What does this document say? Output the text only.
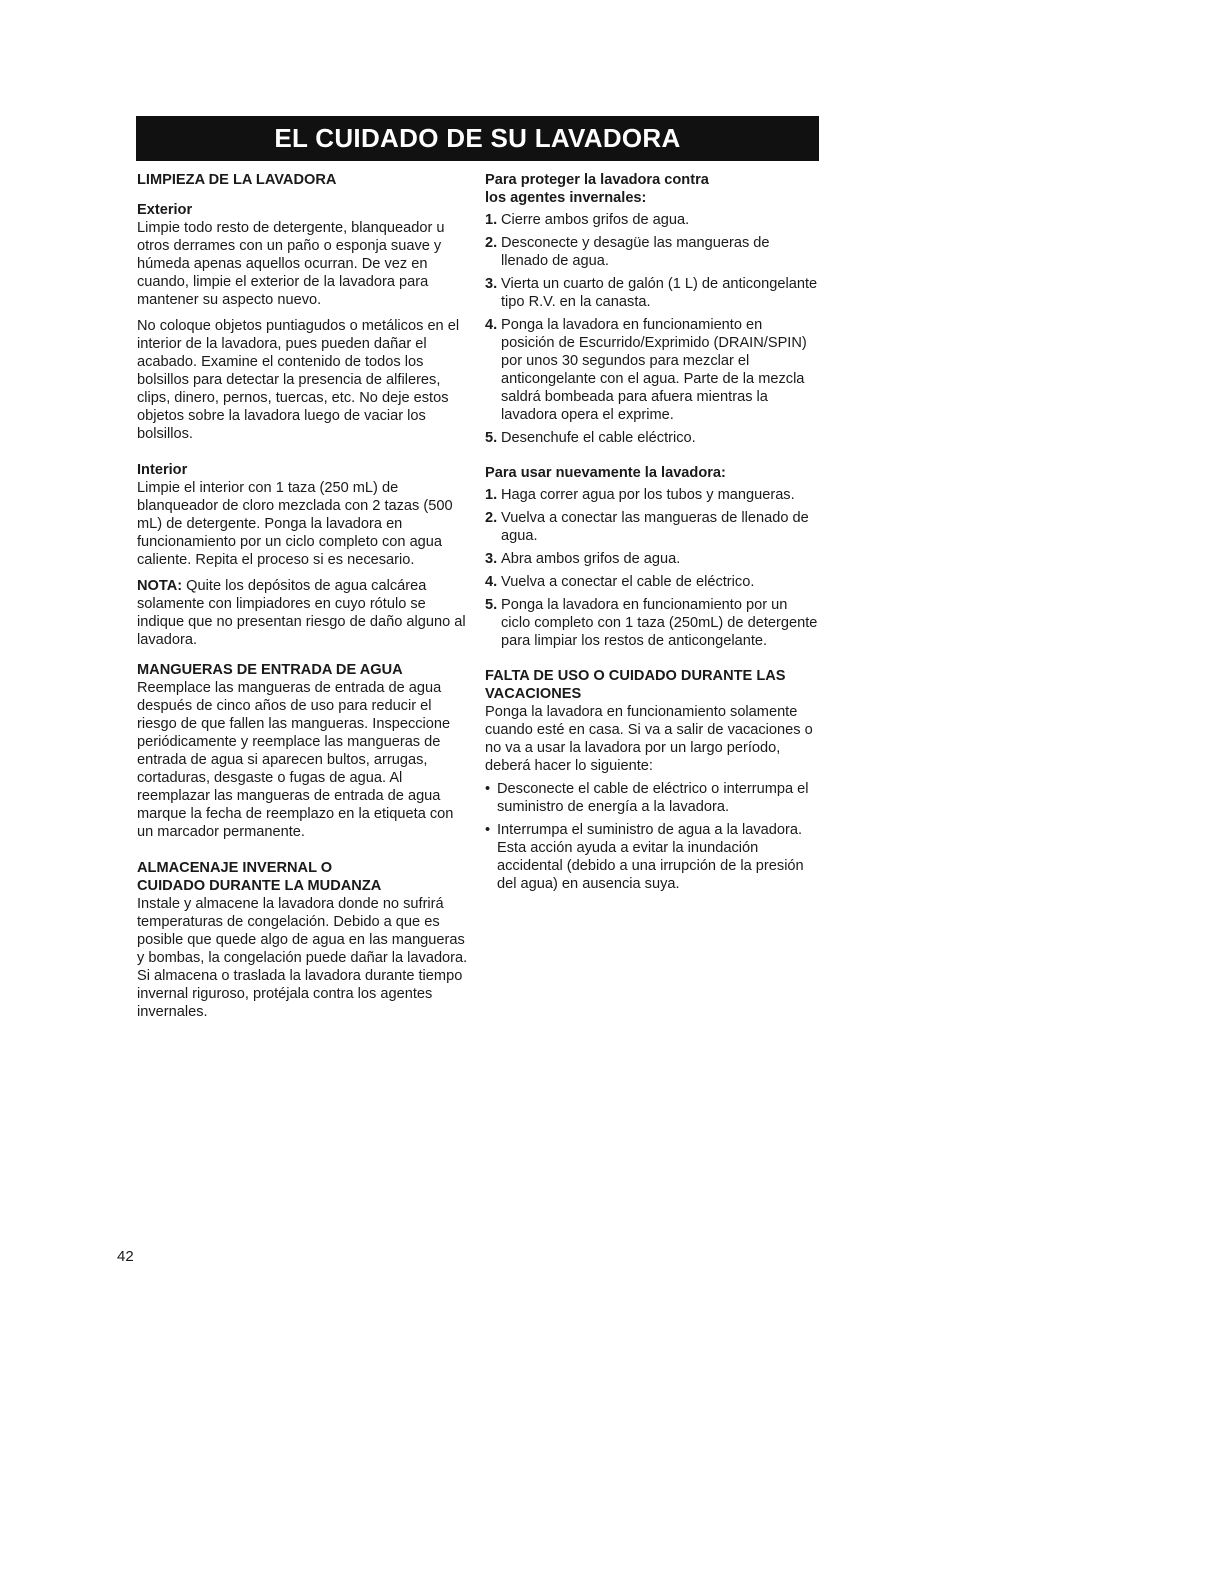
EL CUIDADO DE SU LAVADORA
LIMPIEZA DE LA LAVADORA
Exterior

Limpie todo resto de detergente, blanqueador u otros derrames con un paño o esponja suave y húmeda apenas aquellos ocurran. De vez en cuando, limpie el exterior de la lavadora para mantener su aspecto nuevo.

No coloque objetos puntiagudos o metálicos en el interior de la lavadora, pues pueden dañar el acabado. Examine el contenido de todos los bolsillos para detectar la presencia de alfileres, clips, dinero, pernos, tuercas, etc. No deje estos objetos sobre la lavadora luego de vaciar los bolsillos.

Interior

Limpie el interior con 1 taza (250 mL) de blanqueador de cloro mezclada con 2 tazas (500 mL) de detergente. Ponga la lavadora en funcionamiento por un ciclo completo con agua caliente. Repita el proceso si es necesario.

NOTA: Quite los depósitos de agua calcárea solamente con limpiadores en cuyo rótulo se indique que no presentan riesgo de daño alguno al lavadora.

MANGUERAS DE ENTRADA DE AGUA

Reemplace las mangueras de entrada de agua después de cinco años de uso para reducir el riesgo de que fallen las mangueras. Inspeccione periódicamente y reemplace las mangueras de entrada de agua si aparecen bultos, arrugas, cortaduras, desgaste o fugas de agua. Al reemplazar las mangueras de entrada de agua marque la fecha de reemplazo en la etiqueta con un marcador permanente.

ALMACENAJE INVERNAL O
CUIDADO DURANTE LA MUDANZA

Instale y almacene la lavadora donde no sufrirá temperaturas de congelación. Debido a que es posible que quede algo de agua en las mangueras y bombas, la congelación puede dañar la lavadora. Si almacena o traslada la lavadora durante tiempo invernal riguroso, protéjala contra los agentes invernales.

Para proteger la lavadora contra
los agentes invernales:
1. Cierre ambos grifos de agua.
2. Desconecte y desagüe las mangueras de llenado de agua.
3. Vierta un cuarto de galón (1 L) de anticongelante tipo R.V. en la canasta.
4. Ponga la lavadora en funcionamiento en posición de Escurrido/Exprimido (DRAIN/SPIN) por unos 30 segundos para mezclar el anticongelante con el agua. Parte de la mezcla saldrá bombeada para afuera mientras la lavadora opera el exprime.
5. Desenchufe el cable eléctrico.
Para usar nuevamente la lavadora:
1. Haga correr agua por los tubos y mangueras.
2. Vuelva a conectar las mangueras de llenado de agua.
3. Abra ambos grifos de agua.
4. Vuelva a conectar el cable de eléctrico.
5. Ponga la lavadora en funcionamiento por un ciclo completo con 1 taza (250mL) de detergente para limpiar los restos de anticongelante.
FALTA DE USO O CUIDADO DURANTE LAS VACACIONES

Ponga la lavadora en funcionamiento solamente cuando esté en casa. Si va a salir de vacaciones o no va a usar la lavadora por un largo período, deberá hacer lo siguiente:

• Desconecte el cable de eléctrico o interrumpa el suministro de energía a la lavadora.
• Interrumpa el suministro de agua a la lavadora. Esta acción ayuda a evitar la inundación accidental (debido a una irrupción de la presión del agua) en ausencia suya.
42
